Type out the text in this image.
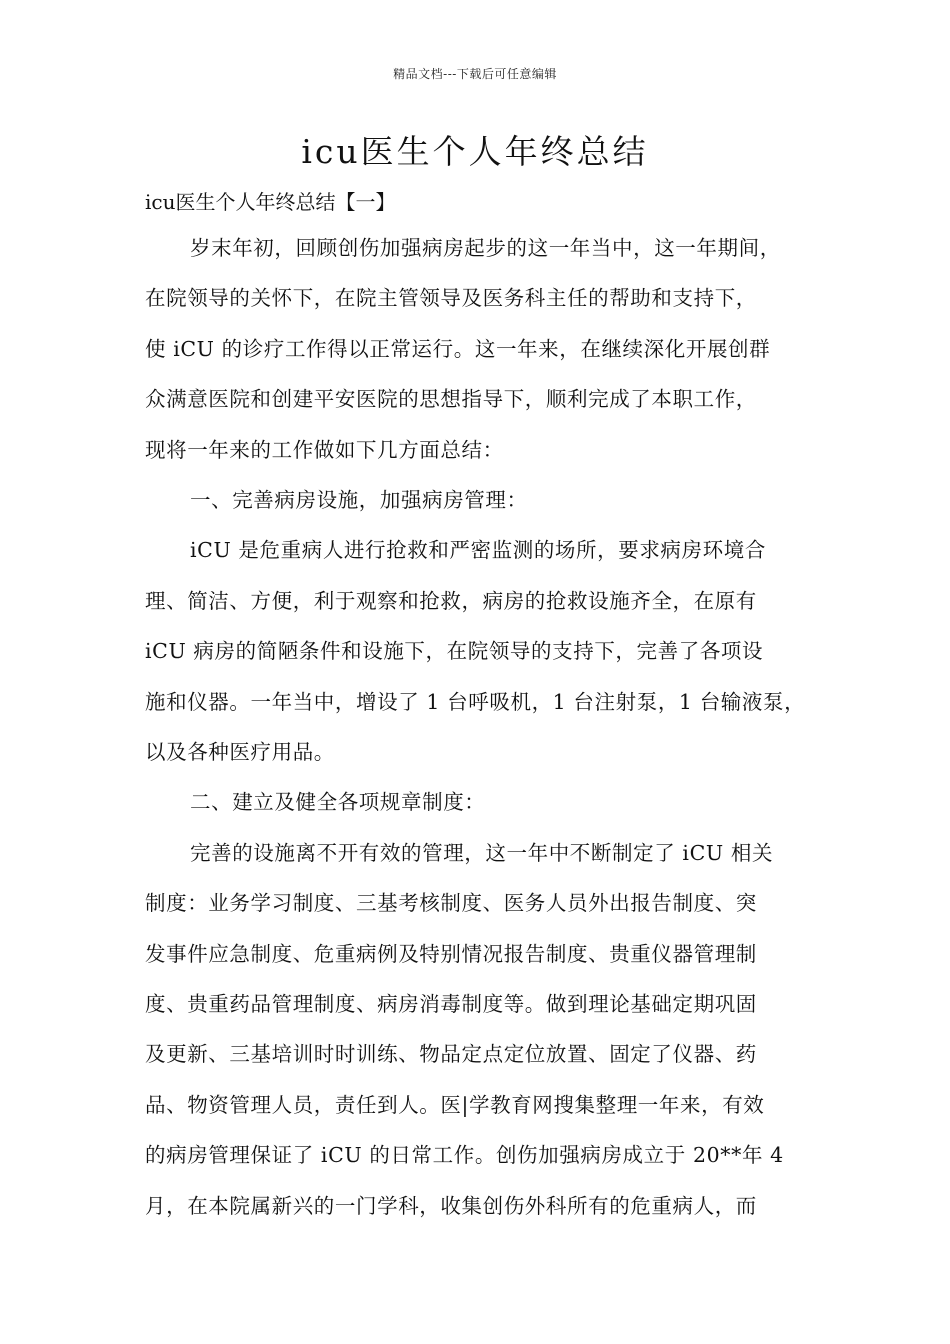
精品文档---下载后可任意编辑
icu医生个人年终总结

icu医生个人年终总结【一】

岁末年初，回顾创伤加强病房起步的这一年当中，这一年期间，

在院领导的关怀下，在院主管领导及医务科主任的帮助和支持下，

使 iCU 的诊疗工作得以正常运行。这一年来，在继续深化开展创群

众满意医院和创建平安医院的思想指导下，顺利完成了本职工作，

现将一年来的工作做如下几方面总结：

一、完善病房设施，加强病房管理：

iCU 是危重病人进行抢救和严密监测的场所，要求病房环境合

理、简洁、方便，利于观察和抢救，病房的抢救设施齐全，在原有

iCU 病房的简陋条件和设施下，在院领导的支持下，完善了各项设

施和仪器。一年当中，增设了 1 台呼吸机，1 台注射泵，1 台输液泵，

以及各种医疗用品。

二、建立及健全各项规章制度：

完善的设施离不开有效的管理，这一年中不断制定了 iCU 相关

制度：业务学习制度、三基考核制度、医务人员外出报告制度、突

发事件应急制度、危重病例及特别情况报告制度、贵重仪器管理制

度、贵重药品管理制度、病房消毒制度等。做到理论基础定期巩固

及更新、三基培训时时训练、物品定点定位放置、固定了仪器、药

品、物资管理人员，责任到人。医|学教育网搜集整理一年来，有效

的病房管理保证了 iCU 的日常工作。创伤加强病房成立于 20**年 4

月，在本院属新兴的一门学科，收集创伤外科所有的危重病人，而
